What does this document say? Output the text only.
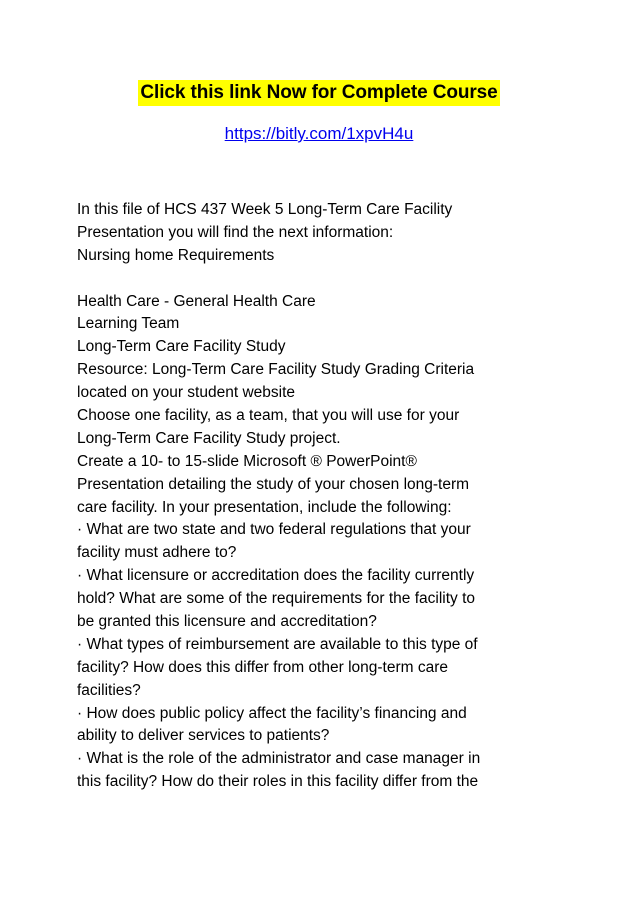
Click this link Now for Complete Course
https://bitly.com/1xpvH4u
In this file of HCS 437 Week 5 Long-Term Care Facility
Presentation you will find the next information:
Nursing home Requirements
Health Care - General Health Care
Learning Team
Long-Term Care Facility Study
Resource: Long-Term Care Facility Study Grading Criteria
located on your student website
Choose one facility, as a team, that you will use for your
Long-Term Care Facility Study project.
Create a 10- to 15-slide Microsoft ® PowerPoint®
Presentation detailing the study of your chosen long-term
care facility. In your presentation, include the following:
· What are two state and two federal regulations that your
facility must adhere to?
· What licensure or accreditation does the facility currently
hold? What are some of the requirements for the facility to
be granted this licensure and accreditation?
· What types of reimbursement are available to this type of
facility? How does this differ from other long-term care
facilities?
· How does public policy affect the facility’s financing and
ability to deliver services to patients?
· What is the role of the administrator and case manager in
this facility? How do their roles in this facility differ from the
